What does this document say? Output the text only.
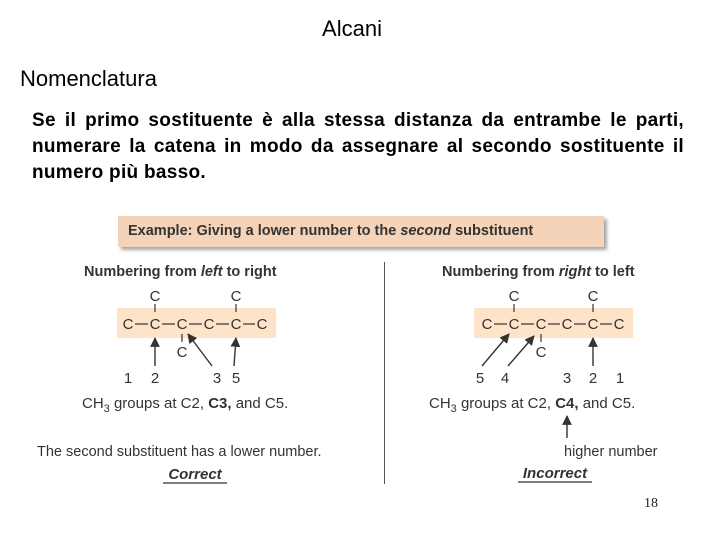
Alcani
Nomenclatura
Se il primo sostituente è alla stessa distanza da entrambe le parti, numerare la catena in modo da assegnare al secondo sostituente il numero più basso.
Example: Giving a lower number to the second substituent
Numbering from left to right
C C C C C C
C	C
C
1 2	3 5
$CH_3$ groups at C2, C3, and C5.
The second substituent has a lower number.
Correct
Numbering from right to left
C C C C C C
C	C
C
5 4	3 2 1
$CH_3$ groups at C2, C4, and C5.
higher number
Incorrect
18
